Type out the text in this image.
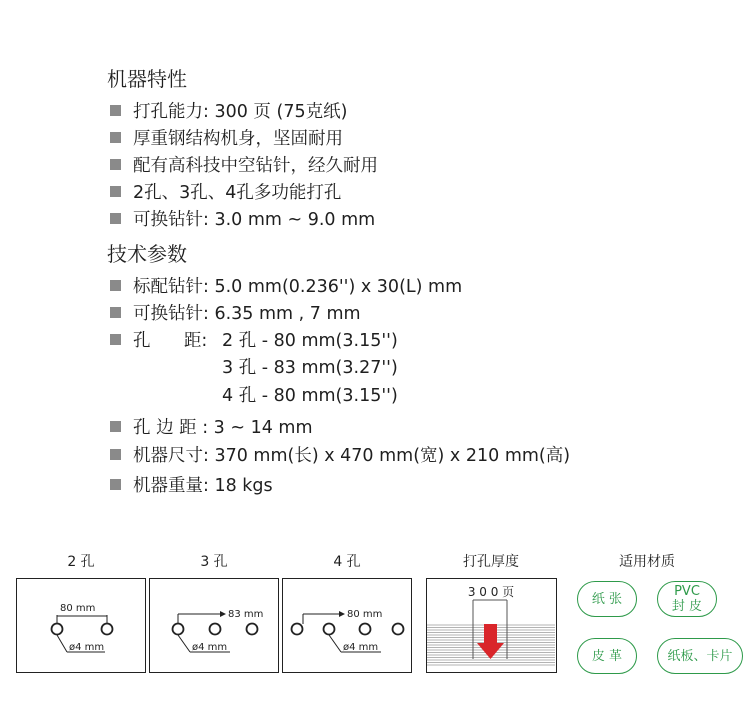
机器特性
打孔能力: 300 页 (75克纸)
厚重钢结构机身，坚固耐用
配有高科技中空钻针，经久耐用
2孔、3孔、4孔多功能打孔
可换钻针: 3.0 mm ~ 9.0 mm
技术参数
标配钻针: 5.0 mm(0.236'') x 30(L) mm
可换钻针: 6.35 mm , 7 mm
孔      距: 2 孔 - 80 mm(3.15'')
3 孔 - 83 mm(3.27'')
4 孔 - 80 mm(3.15'')
孔 边 距 : 3 ~ 14 mm
机器尺寸: 370 mm(长) x 470 mm(宽) x 210 mm(高)
机器重量: 18 kgs
2 孔	3 孔	4 孔	打孔厚度	适用材质
80 mm
ø4 mm
83 mm
ø4 mm
80 mm
ø4 mm
3 0 0 页	纸 张	PVC
封 皮
皮 革	纸板、卡片
